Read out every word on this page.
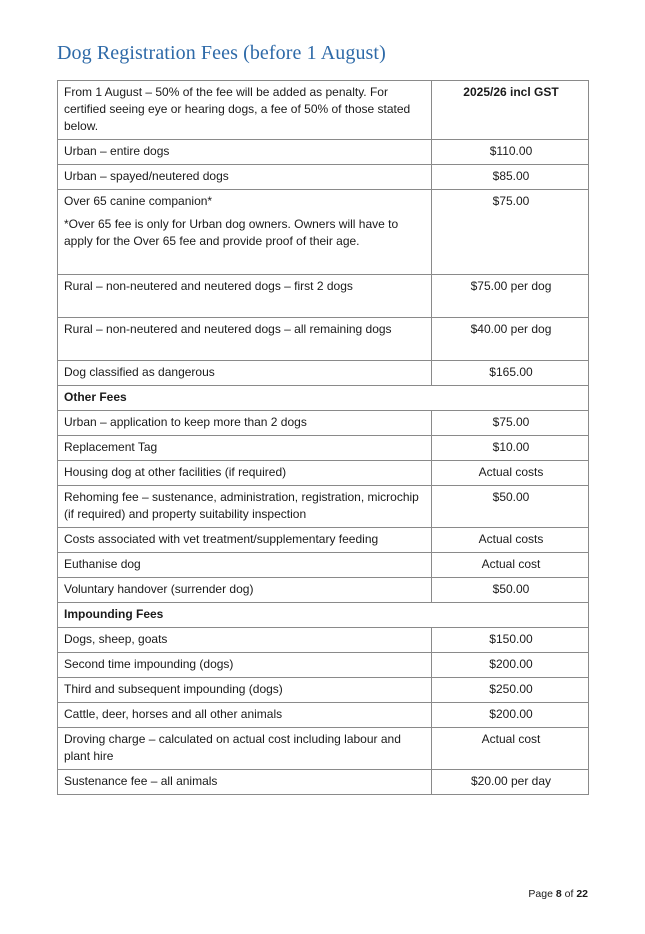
Dog Registration Fees (before 1 August)
From 1 August – 50% of the fee will be added as penalty. For certified seeing eye or hearing dogs, a fee of 50% of those stated below.	2025/26 incl GST
Urban – entire dogs	$110.00
Urban – spayed/neutered dogs	$85.00
Over 65 canine companion*
*Over 65 fee is only for Urban dog owners. Owners will have to apply for the Over 65 fee and provide proof of their age.	$75.00
Rural – non-neutered and neutered dogs – first 2 dogs	$75.00 per dog
Rural – non-neutered and neutered dogs – all remaining dogs	$40.00 per dog
Dog classified as dangerous	$165.00
Other Fees	
Urban – application to keep more than 2 dogs	$75.00
Replacement Tag	$10.00
Housing dog at other facilities (if required)	Actual costs
Rehoming fee – sustenance, administration, registration, microchip (if required) and property suitability inspection	$50.00
Costs associated with vet treatment/supplementary feeding	Actual costs
Euthanise dog	Actual cost
Voluntary handover (surrender dog)	$50.00
Impounding Fees	
Dogs, sheep, goats	$150.00
Second time impounding (dogs)	$200.00
Third and subsequent impounding (dogs)	$250.00
Cattle, deer, horses and all other animals	$200.00
Droving charge – calculated on actual cost including labour and plant hire	Actual cost
Sustenance fee – all animals	$20.00 per day
Page 8 of 22
